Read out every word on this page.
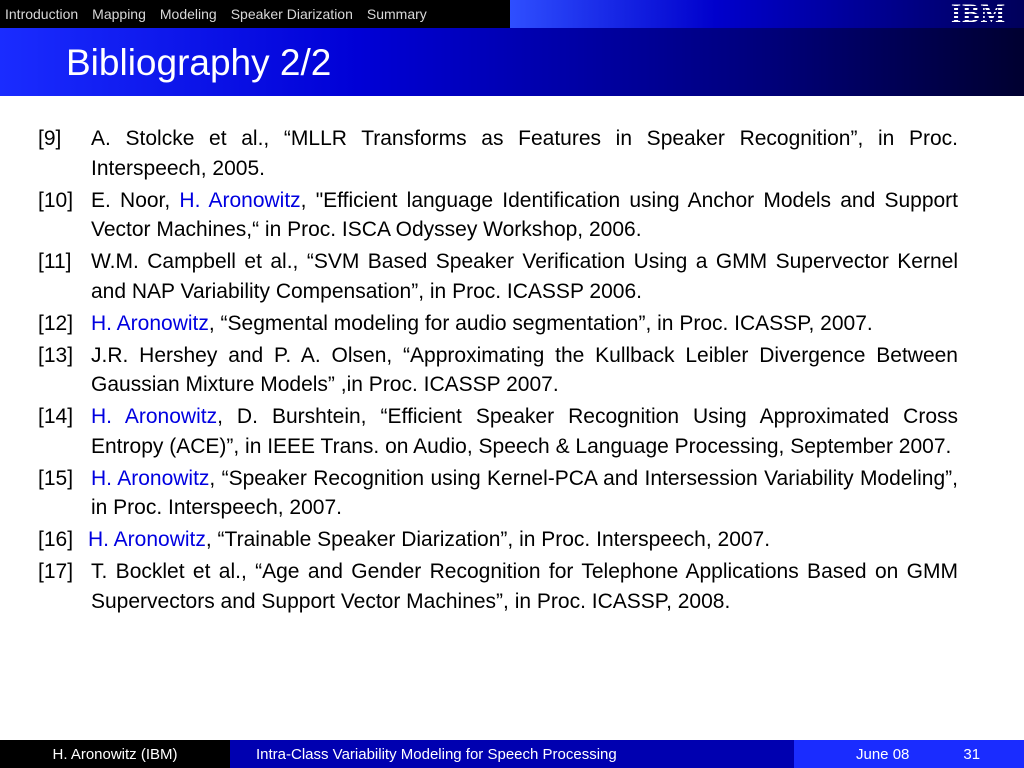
Introduction Mapping Modeling Speaker Diarization Summary	IBM
Bibliography 2/2
[9]	A. Stolcke et al., “MLLR Transforms as Features in Speaker Recognition”, in Proc. Interspeech, 2005.
[10] E. Noor, H. Aronowitz, "Efficient language Identification using Anchor Models and Support Vector Machines,“ in Proc. ISCA Odyssey Workshop, 2006.
[11] W.M. Campbell et al., “SVM Based Speaker Verification Using a GMM Supervector Kernel and NAP Variability Compensation”, in Proc. ICASSP 2006.
[12] H. Aronowitz, “Segmental modeling for audio segmentation”, in Proc. ICASSP, 2007.
[13] J.R. Hershey and P. A. Olsen, “Approximating the Kullback Leibler Divergence Between Gaussian Mixture Models” ,in Proc. ICASSP 2007.
[14] H. Aronowitz, D. Burshtein, “Efficient Speaker Recognition Using Approximated Cross Entropy (ACE)”, in IEEE Trans. on Audio, Speech & Language Processing, September 2007.
[15] H. Aronowitz, “Speaker Recognition using Kernel-PCA and Intersession Variability Modeling”, in Proc. Interspeech, 2007.
[16] H. Aronowitz, “Trainable Speaker Diarization”, in Proc. Interspeech, 2007.
[17] T. Bocklet et al., “Age and Gender Recognition for Telephone Applications Based on GMM Supervectors and Support Vector Machines”, in Proc. ICASSP, 2008.
H. Aronowitz (IBM)	Intra-Class Variability Modeling for Speech Processing	June 08	31
